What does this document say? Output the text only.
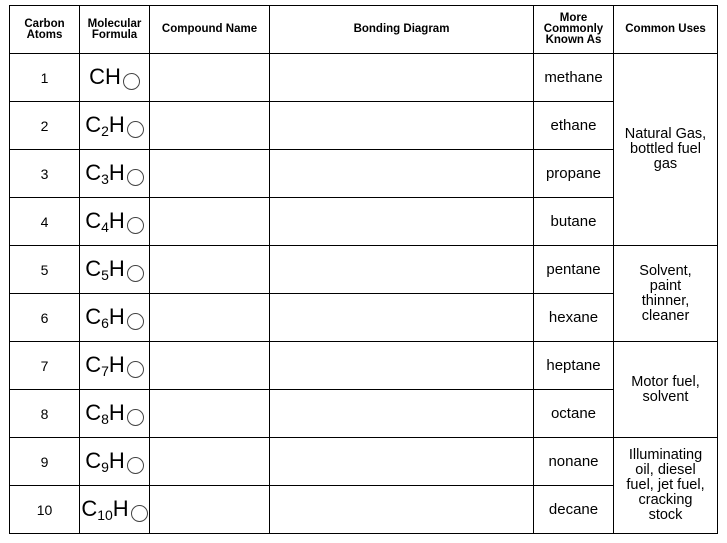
Carbon
Atoms	Molecular
Formula	Compound Name	Bonding Diagram	More
Commonly
Known As	Common Uses
1	CH			methane	Natural Gas,
bottled fuel
gas

2	$C_2H$			ethane	
3	$C_3H$			propane	
4	$C_4H$			butane	
5	$C_5H$			pentane	Solvent,
paint
thinner,
cleaner

6	$C_6H$			hexane	
7	$C_7H$			heptane	Motor fuel,
solvent

8	$C_8H$			octane	
9	$C_9H$			nonane	Illuminating
oil, diesel
fuel, jet fuel,
cracking
stock

10	$C_{10}H$			decane	
